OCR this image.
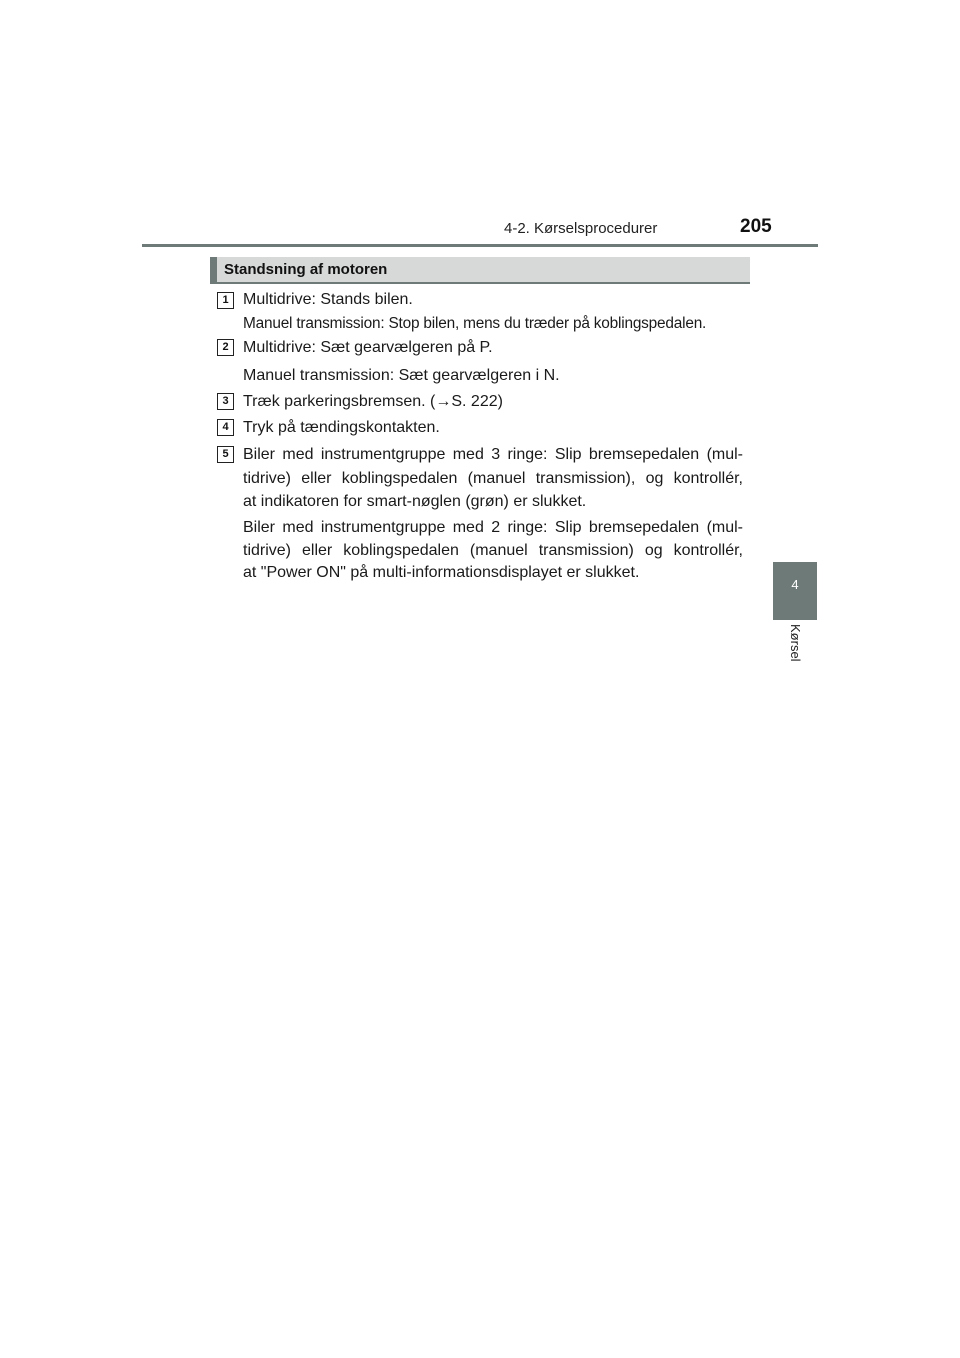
4-2. Kørselsprocedurer	205
4
Kørsel
Standsning af motoren
1 Multidrive: Stands bilen.
Manuel transmission: Stop bilen, mens du træder på koblingspedalen.
2 Multidrive: Sæt gearvælgeren på P.
Manuel transmission: Sæt gearvælgeren i N.
3 Træk parkeringsbremsen. (→S. 222)
4 Tryk på tændingskontakten.
5 Biler med instrumentgruppe med 3 ringe: Slip bremsepedalen (mul-
tidrive) eller koblingspedalen (manuel transmission), og kontrollér,
at indikatoren for smart-nøglen (grøn) er slukket.
Biler med instrumentgruppe med 2 ringe: Slip bremsepedalen (mul-
tidrive) eller koblingspedalen (manuel transmission) og kontrollér,
at "Power ON" på multi-informationsdisplayet er slukket.
